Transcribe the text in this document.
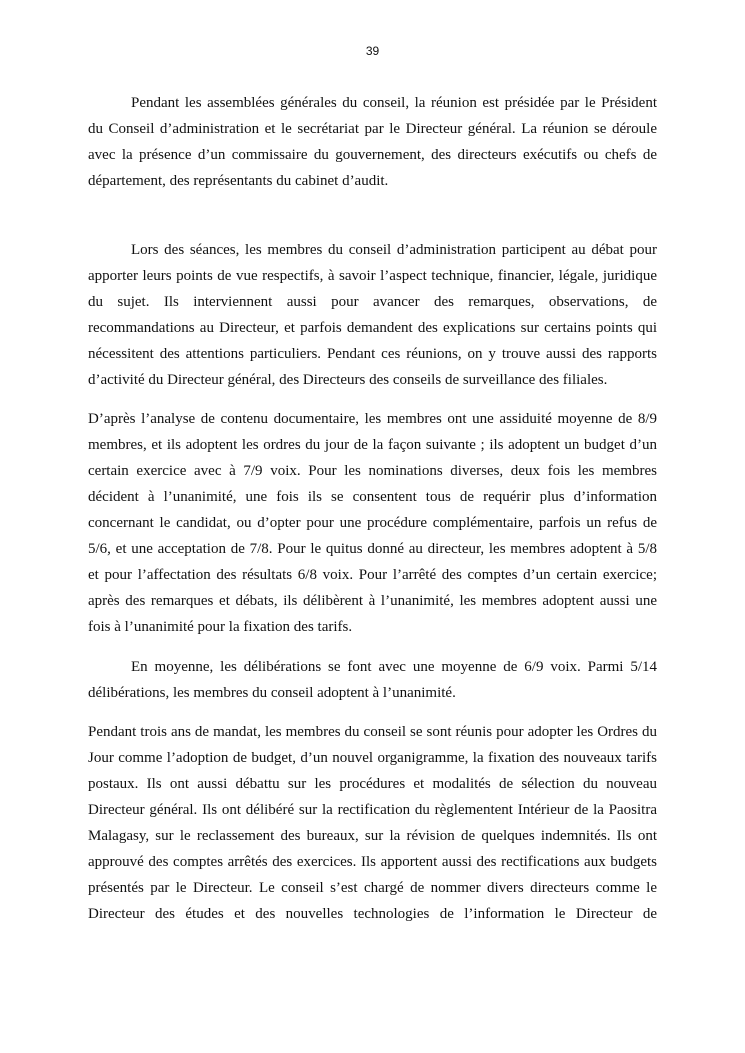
39
Pendant les assemblées générales du conseil, la réunion est présidée par le Président
du Conseil d’administration et le secrétariat par le Directeur général. La réunion se déroule
avec la présence d’un commissaire du gouvernement, des directeurs exécutifs ou chefs de
département, des représentants du cabinet d’audit.
Lors des séances, les membres du conseil d’administration participent au débat pour
apporter leurs points de vue respectifs, à savoir l’aspect technique, financier, légale, juridique
du sujet. Ils interviennent aussi pour avancer des remarques, observations, de
recommandations au Directeur, et parfois demandent des explications sur certains points qui
nécessitent des attentions particuliers. Pendant ces réunions, on y trouve aussi des rapports
d’activité du Directeur général, des Directeurs des conseils de surveillance des filiales.
D’après l’analyse de contenu documentaire, les membres ont une assiduité moyenne de 8/9
membres, et ils adoptent les ordres du jour de la façon suivante ; ils adoptent un budget d’un
certain exercice avec à 7/9 voix. Pour les nominations diverses, deux fois les membres
décident à l’unanimité, une fois ils se consentent tous de requérir plus d’information
concernant le candidat, ou d’opter pour une procédure complémentaire, parfois un refus de
5/6, et une acceptation de 7/8. Pour le quitus donné au directeur, les membres adoptent à 5/8
et pour l’affectation des résultats 6/8 voix. Pour l’arrêté des comptes d’un certain exercice;
après des remarques et débats, ils délibèrent à l’unanimité, les membres adoptent aussi une
fois à l’unanimité pour la fixation des tarifs.
En moyenne, les délibérations se font avec une moyenne de 6/9 voix. Parmi 5/14
délibérations, les membres du conseil adoptent à l’unanimité.
Pendant trois ans de mandat, les membres du conseil se sont réunis pour adopter les Ordres du
Jour comme l’adoption de budget, d’un nouvel organigramme, la fixation des nouveaux tarifs
postaux. Ils ont aussi débattu sur les procédures et modalités de sélection du nouveau
Directeur général. Ils ont délibéré sur la rectification du règlementent Intérieur de la Paositra
Malagasy, sur le reclassement des bureaux, sur la révision de quelques indemnités. Ils ont
approuvé des comptes arrêtés des exercices. Ils apportent aussi des rectifications aux budgets
présentés par le Directeur. Le conseil s’est chargé de nommer divers directeurs comme le
Directeur des études et des nouvelles technologies de l’information le Directeur de
